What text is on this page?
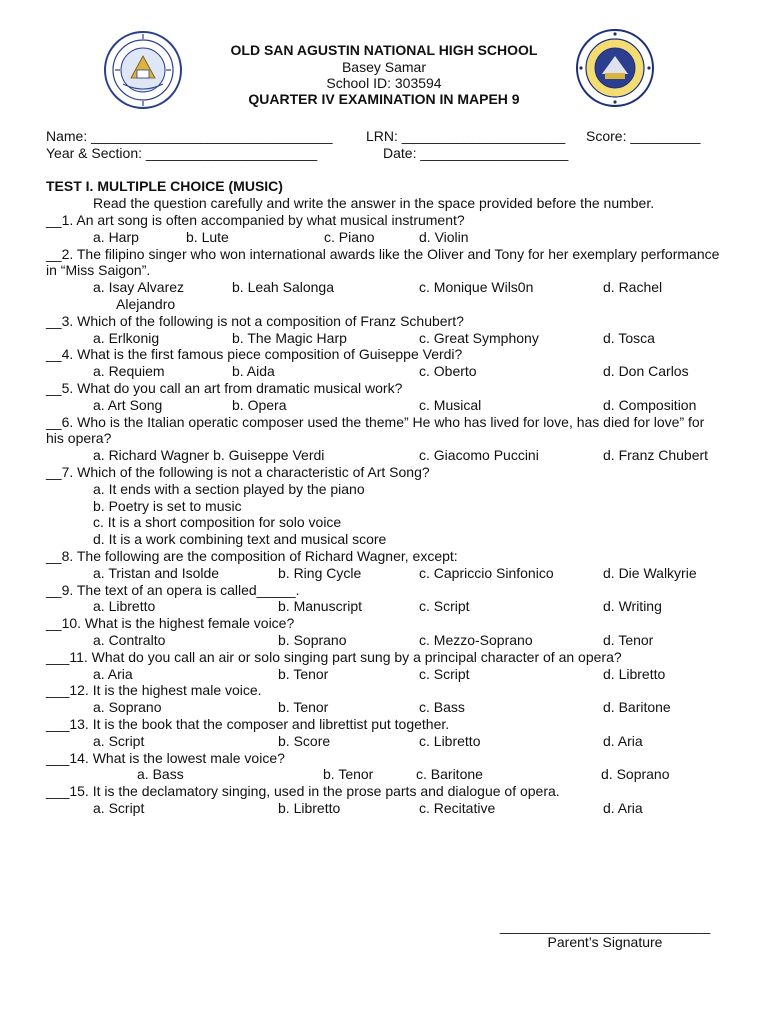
OLD SAN AGUSTIN NATIONAL HIGH SCHOOL
Basey Samar
School ID: 303594
QUARTER IV EXAMINATION IN MAPEH 9
Name: _______________________________ LRN: _____________________ Score: _________
Year & Section: ______________________	Date: ___________________
TEST I. MULTIPLE CHOICE (MUSIC)
Read the question carefully and write the answer in the space provided before the number.
__1. An art song is often accompanied by what musical instrument?
a. Harp	b. Lute	c. Piano	d. Violin
__2. The filipino singer who won international awards like the Oliver and Tony for her exemplary performance in “Miss Saigon”.
a. Isay Alvarez	b. Leah Salonga	c. Monique Wils0n	d. Rachel
Alejandro
__3. Which of the following is not a composition of Franz Schubert?
a. Erlkonig	b. The Magic Harp	c. Great Symphony	d. Tosca
__4. What is the first famous piece composition of Guiseppe Verdi?
a. Requiem	b. Aida	c. Oberto	d. Don Carlos
__5. What do you call an art from dramatic musical work?
a. Art Song	b. Opera	c. Musical	d. Composition
__6. Who is the Italian operatic composer used the theme” He who has lived for love, has died for love” for his opera?
a. Richard Wagner b. Guiseppe Verdi	c. Giacomo Puccini	d. Franz Chubert
__7. Which of the following is not a characteristic of Art Song?
a. It ends with a section played by the piano
b. Poetry is set to music
c. It is a short composition for solo voice
d. It is a work combining text and musical score
__8. The following are the composition of Richard Wagner, except:
a. Tristan and Isolde	b. Ring Cycle	c. Capriccio Sinfonico	d. Die Walkyrie
__9. The text of an opera is called_____.
a. Libretto	b. Manuscript	c. Script	d. Writing
__10. What is the highest female voice?
a. Contralto	b. Soprano	c. Mezzo-Soprano	d. Tenor
___11. What do you call an air or solo singing part sung by a principal character of an opera?
a. Aria	b. Tenor	c. Script	d. Libretto
___12. It is the highest male voice.
a. Soprano	b. Tenor	c. Bass	d. Baritone
___13. It is the book that the composer and librettist put together.
a. Script	b. Score	c. Libretto	d. Aria
___14. What is the lowest male voice?
a. Bass	b. Tenor	c. Baritone	d. Soprano
___15. It is the declamatory singing, used in the prose parts and dialogue of opera.
a. Script	b. Libretto	c. Recitative	d. Aria
___________________________
Parent’s Signature
